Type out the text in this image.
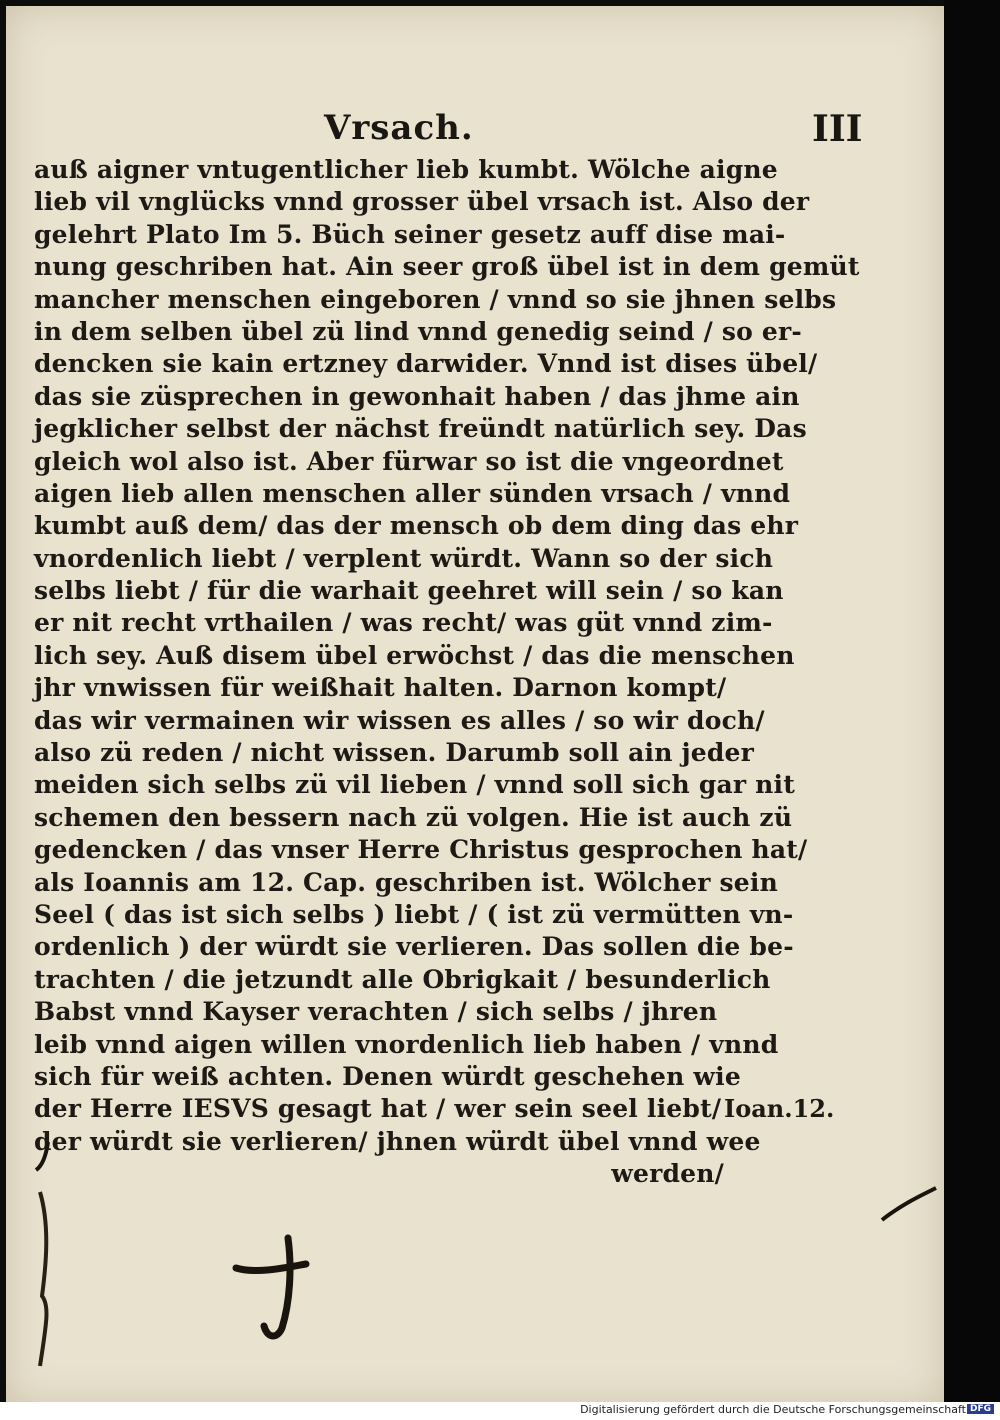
Vrsach.	III
auß aigner vntugentlicher lieb kumbt. Wölche aigne
lieb vil vnglücks vnnd grosser übel vrsach ist. Also der
gelehrt Plato Im 5. Büch seiner gesetz auff dise mai-
nung geschriben hat. Ain seer groß übel ist in dem gemüt
mancher menschen eingeboren / vnnd so sie jhnen selbs
in dem selben übel zü lind vnnd genedig seind / so er-
dencken sie kain ertzney darwider. Vnnd ist dises übel/
das sie züsprechen in gewonhait haben / das jhme ain
jegklicher selbst der nächst freündt natürlich sey. Das
gleich wol also ist. Aber fürwar so ist die vngeordnet
aigen lieb allen menschen aller sünden vrsach / vnnd
kumbt auß dem/ das der mensch ob dem ding das ehr
vnordenlich liebt / verplent würdt. Wann so der sich
selbs liebt / für die warhait geehret will sein / so kan
er nit recht vrthailen / was recht/ was güt vnnd zim-
lich sey. Auß disem übel erwöchst / das die menschen
jhr vnwissen für weißhait halten. Darnon kompt/
das wir vermainen wir wissen es alles / so wir doch/
also zü reden / nicht wissen. Darumb soll ain jeder
meiden sich selbs zü vil lieben / vnnd soll sich gar nit
schemen den bessern nach zü volgen. Hie ist auch zü
gedencken / das vnser Herre Christus gesprochen hat/
als Ioannis am 12. Cap. geschriben ist. Wölcher sein
Seel ( das ist sich selbs ) liebt / ( ist zü vermütten vn-
ordenlich ) der würdt sie verlieren. Das sollen die be-
trachten / die jetzundt alle Obrigkait / besunderlich
Babst vnnd Kayser verachten / sich selbs / jhren
leib vnnd aigen willen vnordenlich lieb haben / vnnd
sich für weiß achten. Denen würdt geschehen wie
der Herre IESVS gesagt hat / wer sein seel liebt/
der würdt sie verlieren/ jhnen würdt übel vnnd wee
werden/
Ioan.12.
Digitalisierung gefördert durch die Deutsche Forschungsgemeinschaft DFG
